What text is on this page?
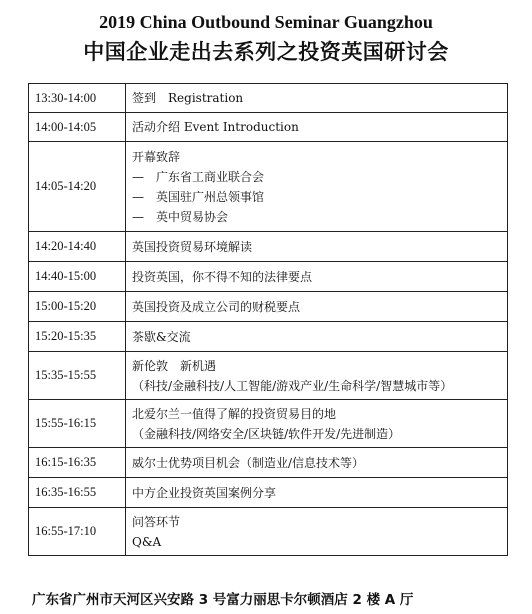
2019 China Outbound Seminar Guangzhou
中国企业走出去系列之投资英国研讨会
13:30-14:00	签到　Registration

14:00-14:05	活动介绍 Event Introduction

14:05-14:20	开幕致辞
—　广东省工商业联合会
—　英国驻广州总领事馆
—　英中贸易协会

14:20-14:40	英国投资贸易环境解读

14:40-15:00	投资英国，你不得不知的法律要点

15:00-15:20	英国投资及成立公司的财税要点

15:20-15:35	茶歇&交流

15:35-15:55	新伦敦　新机遇
（科技/金融科技/人工智能/游戏产业/生命科学/智慧城市等）

15:55-16:15	北爱尔兰一值得了解的投资贸易目的地
（金融科技/网络安全/区块链/软件开发/先进制造）

16:15-16:35	威尔士优势项目机会（制造业/信息技术等）

16:35-16:55	中方企业投资英国案例分享

16:55-17:10	问答环节
Q&A
广东省广州市天河区兴安路 3 号富力丽思卡尔顿酒店 2 楼 A 厅
